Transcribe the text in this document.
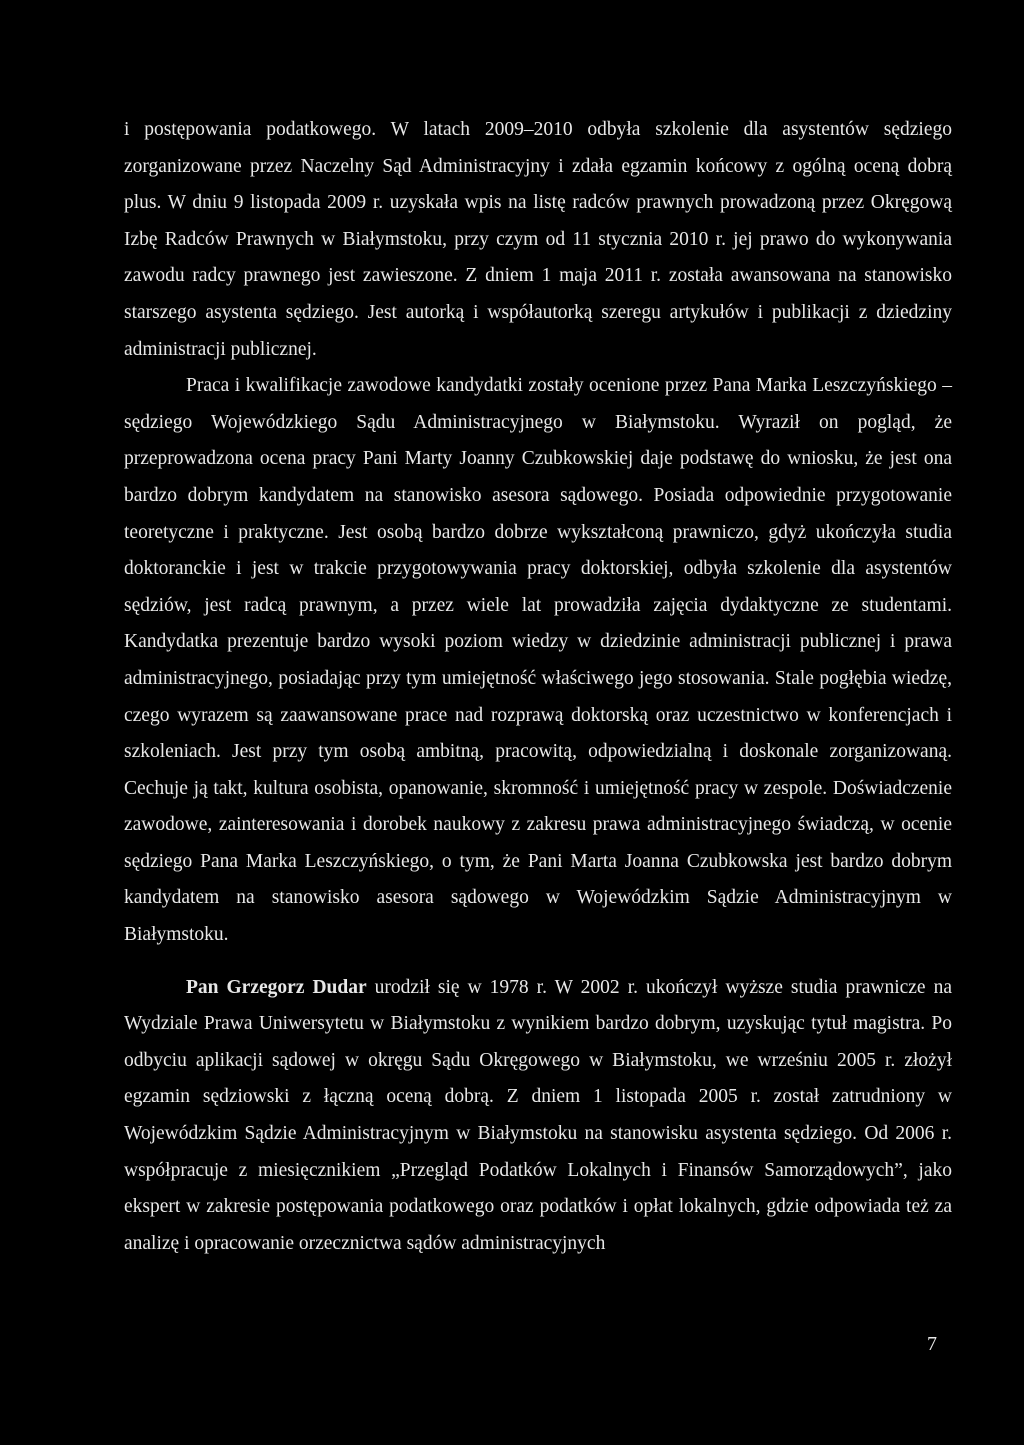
i postępowania podatkowego. W latach 2009–2010 odbyła szkolenie dla asystentów sędziego zorganizowane przez Naczelny Sąd Administracyjny i zdała egzamin końcowy z ogólną oceną dobrą plus. W dniu 9 listopada 2009 r. uzyskała wpis na listę radców prawnych prowadzoną przez Okręgową Izbę Radców Prawnych w Białymstoku, przy czym od 11 stycznia 2010 r. jej prawo do wykonywania zawodu radcy prawnego jest zawieszone. Z dniem 1 maja 2011 r. została awansowana na stanowisko starszego asystenta sędziego. Jest autorką i współautorką szeregu artykułów i publikacji z dziedziny administracji publicznej.

Praca i kwalifikacje zawodowe kandydatki zostały ocenione przez Pana Marka Leszczyńskiego – sędziego Wojewódzkiego Sądu Administracyjnego w Białymstoku. Wyraził on pogląd, że przeprowadzona ocena pracy Pani Marty Joanny Czubkowskiej daje podstawę do wniosku, że jest ona bardzo dobrym kandydatem na stanowisko asesora sądowego. Posiada odpowiednie przygotowanie teoretyczne i praktyczne. Jest osobą bardzo dobrze wykształconą prawniczo, gdyż ukończyła studia doktoranckie i jest w trakcie przygotowywania pracy doktorskiej, odbyła szkolenie dla asystentów sędziów, jest radcą prawnym, a przez wiele lat prowadziła zajęcia dydaktyczne ze studentami. Kandydatka prezentuje bardzo wysoki poziom wiedzy w dziedzinie administracji publicznej i prawa administracyjnego, posiadając przy tym umiejętność właściwego jego stosowania. Stale pogłębia wiedzę, czego wyrazem są zaawansowane prace nad rozprawą doktorską oraz uczestnictwo w konferencjach i szkoleniach. Jest przy tym osobą ambitną, pracowitą, odpowiedzialną i doskonale zorganizowaną. Cechuje ją takt, kultura osobista, opanowanie, skromność i umiejętność pracy w zespole. Doświadczenie zawodowe, zainteresowania i dorobek naukowy z zakresu prawa administracyjnego świadczą, w ocenie sędziego Pana Marka Leszczyńskiego, o tym, że Pani Marta Joanna Czubkowska jest bardzo dobrym kandydatem na stanowisko asesora sądowego w Wojewódzkim Sądzie Administracyjnym w Białymstoku.

Pan Grzegorz Dudar urodził się w 1978 r. W 2002 r. ukończył wyższe studia prawnicze na Wydziale Prawa Uniwersytetu w Białymstoku z wynikiem bardzo dobrym, uzyskując tytuł magistra. Po odbyciu aplikacji sądowej w okręgu Sądu Okręgowego w Białymstoku, we wrześniu 2005 r. złożył egzamin sędziowski z łączną oceną dobrą. Z dniem 1 listopada 2005 r. został zatrudniony w Wojewódzkim Sądzie Administracyjnym w Białymstoku na stanowisku asystenta sędziego. Od 2006 r. współpracuje z miesięcznikiem „Przegląd Podatków Lokalnych i Finansów Samorządowych”, jako ekspert w zakresie postępowania podatkowego oraz podatków i opłat lokalnych, gdzie odpowiada też za analizę i opracowanie orzecznictwa sądów administracyjnych

7
